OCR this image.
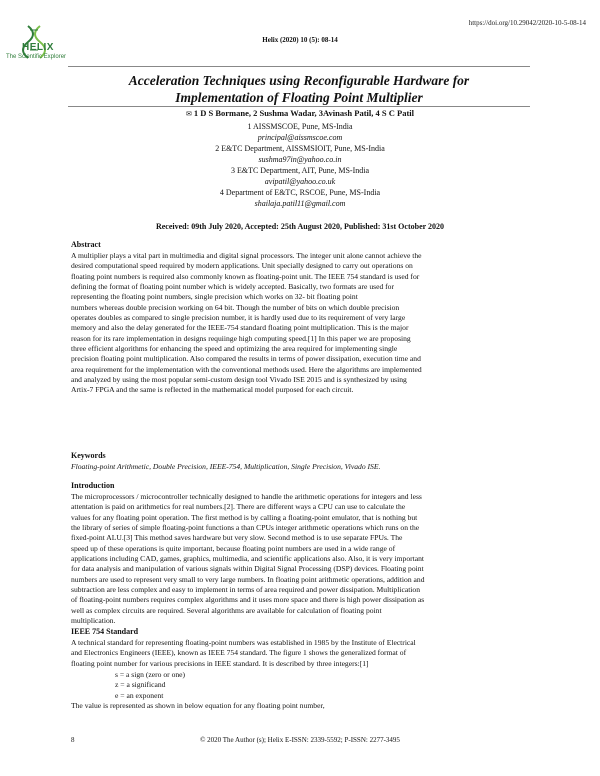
https://doi.org/10.29042/2020-10-5-08-14
Helix (2020) 10 (5): 08-14
HELIX
The Scientific Explorer
Acceleration Techniques using Reconfigurable Hardware for
Implementation of Floating Point Multiplier
✉ 1 D S Bormane, 2 Sushma Wadar, 3Avinash Patil, 4 S C Patil
1 AISSMSCOE, Pune, MS-India
principal@aissmscoe.com
2 E&TC Department, AISSMSIOIT, Pune, MS-India
sushma97in@yahoo.co.in
3 E&TC Department, AIT, Pune, MS-India
avipatil@yahoo.co.uk
4 Department of E&TC, RSCOE, Pune, MS-India
shailaja.patil11@gmail.com
Received: 09th July 2020, Accepted: 25th August 2020, Published: 31st October 2020
Abstract
A multiplier plays a vital part in multimedia and digital signal processors. The integer unit alone cannot achieve the
desired computational speed required by modern applications. Unit specially designed to carry out operations on
floating point numbers is required also commonly known as floating-point unit. The IEEE 754 standard is used for
defining the format of floating point number which is widely accepted. Basically, two formats are used for
representing the floating point numbers, single precision which works on 32- bit floating point
numbers whereas double precision working on 64 bit. Though the number of bits on which double precision
operates doubles as compared to single precision number, it is hardly used due to its requirement of very large
memory and also the delay generated for the IEEE-754 standard floating point multiplication. This is the major
reason for its rare implementation in designs requiinge high computing speed.[1] In this paper we are proposing
three efficient algorithms for enhancing the speed and optimizing the area required for implementing single
precision floating point multiplication. Also compared the results in terms of power dissipation, execution time and
area requirement for the implementation with the conventional methods used. Here the algorithms are implemented
and analyzed by using the most popular semi-custom design tool Vivado ISE 2015 and is synthesized by using
Artix-7 FPGA and the same is reflected in the mathematical model purposed for each circuit.
Keywords
Floating-point Arithmetic, Double Precision, IEEE-754, Multiplication, Single Precision, Vivado ISE.
Introduction
The microprocessors / microcontroller technically designed to handle the arithmetic operations for integers and less
attentation is paid on arithmetics for real numbers.[2]. There are different ways a CPU can use to calculate the
values for any floating point operation. The first method is by calling a floating-point emulator, that is nothing but
the library of series of simple floating-point functions a than CPUs integer arithmetic operations which runs on the
fixed-point ALU.[3] This method saves hardware but very slow. Second method is to use separate FPUs. The
speed up of these operations is quite important, because floating point numbers are used in a wide range of
applications including CAD, games, graphics, multimedia, and scientific applications also. Also, it is very important
for data analysis and manipulation of various signals within Digital Signal Processing (DSP) devices. Floating point
numbers are used to represent very small to very large numbers. In floating point arithmetic operations, addition and
subtraction are less complex and easy to implement in terms of area required and power dissipation. Multiplication
of floating-point numbers requires complex algorithms and it uses more space and there is high power dissipation as
well as complex circuits are required. Several algorithms are available for calculation of floating point
multiplication.
IEEE 754 Standard
A technical standard for representing floating-point numbers was established in 1985 by the Institute of Electrical
and Electronics Engineers (IEEE), known as IEEE 754 standard. The figure 1 shows the generalized format of
floating point number for various precisions in IEEE standard. It is described by three integers:[1]
s = a sign (zero or one)
z = a significand
e = an exponent
The value is represented as shown in below equation for any floating point number,
8	© 2020 The Author (s); Helix E-ISSN: 2339-5592; P-ISSN: 2277-3495
